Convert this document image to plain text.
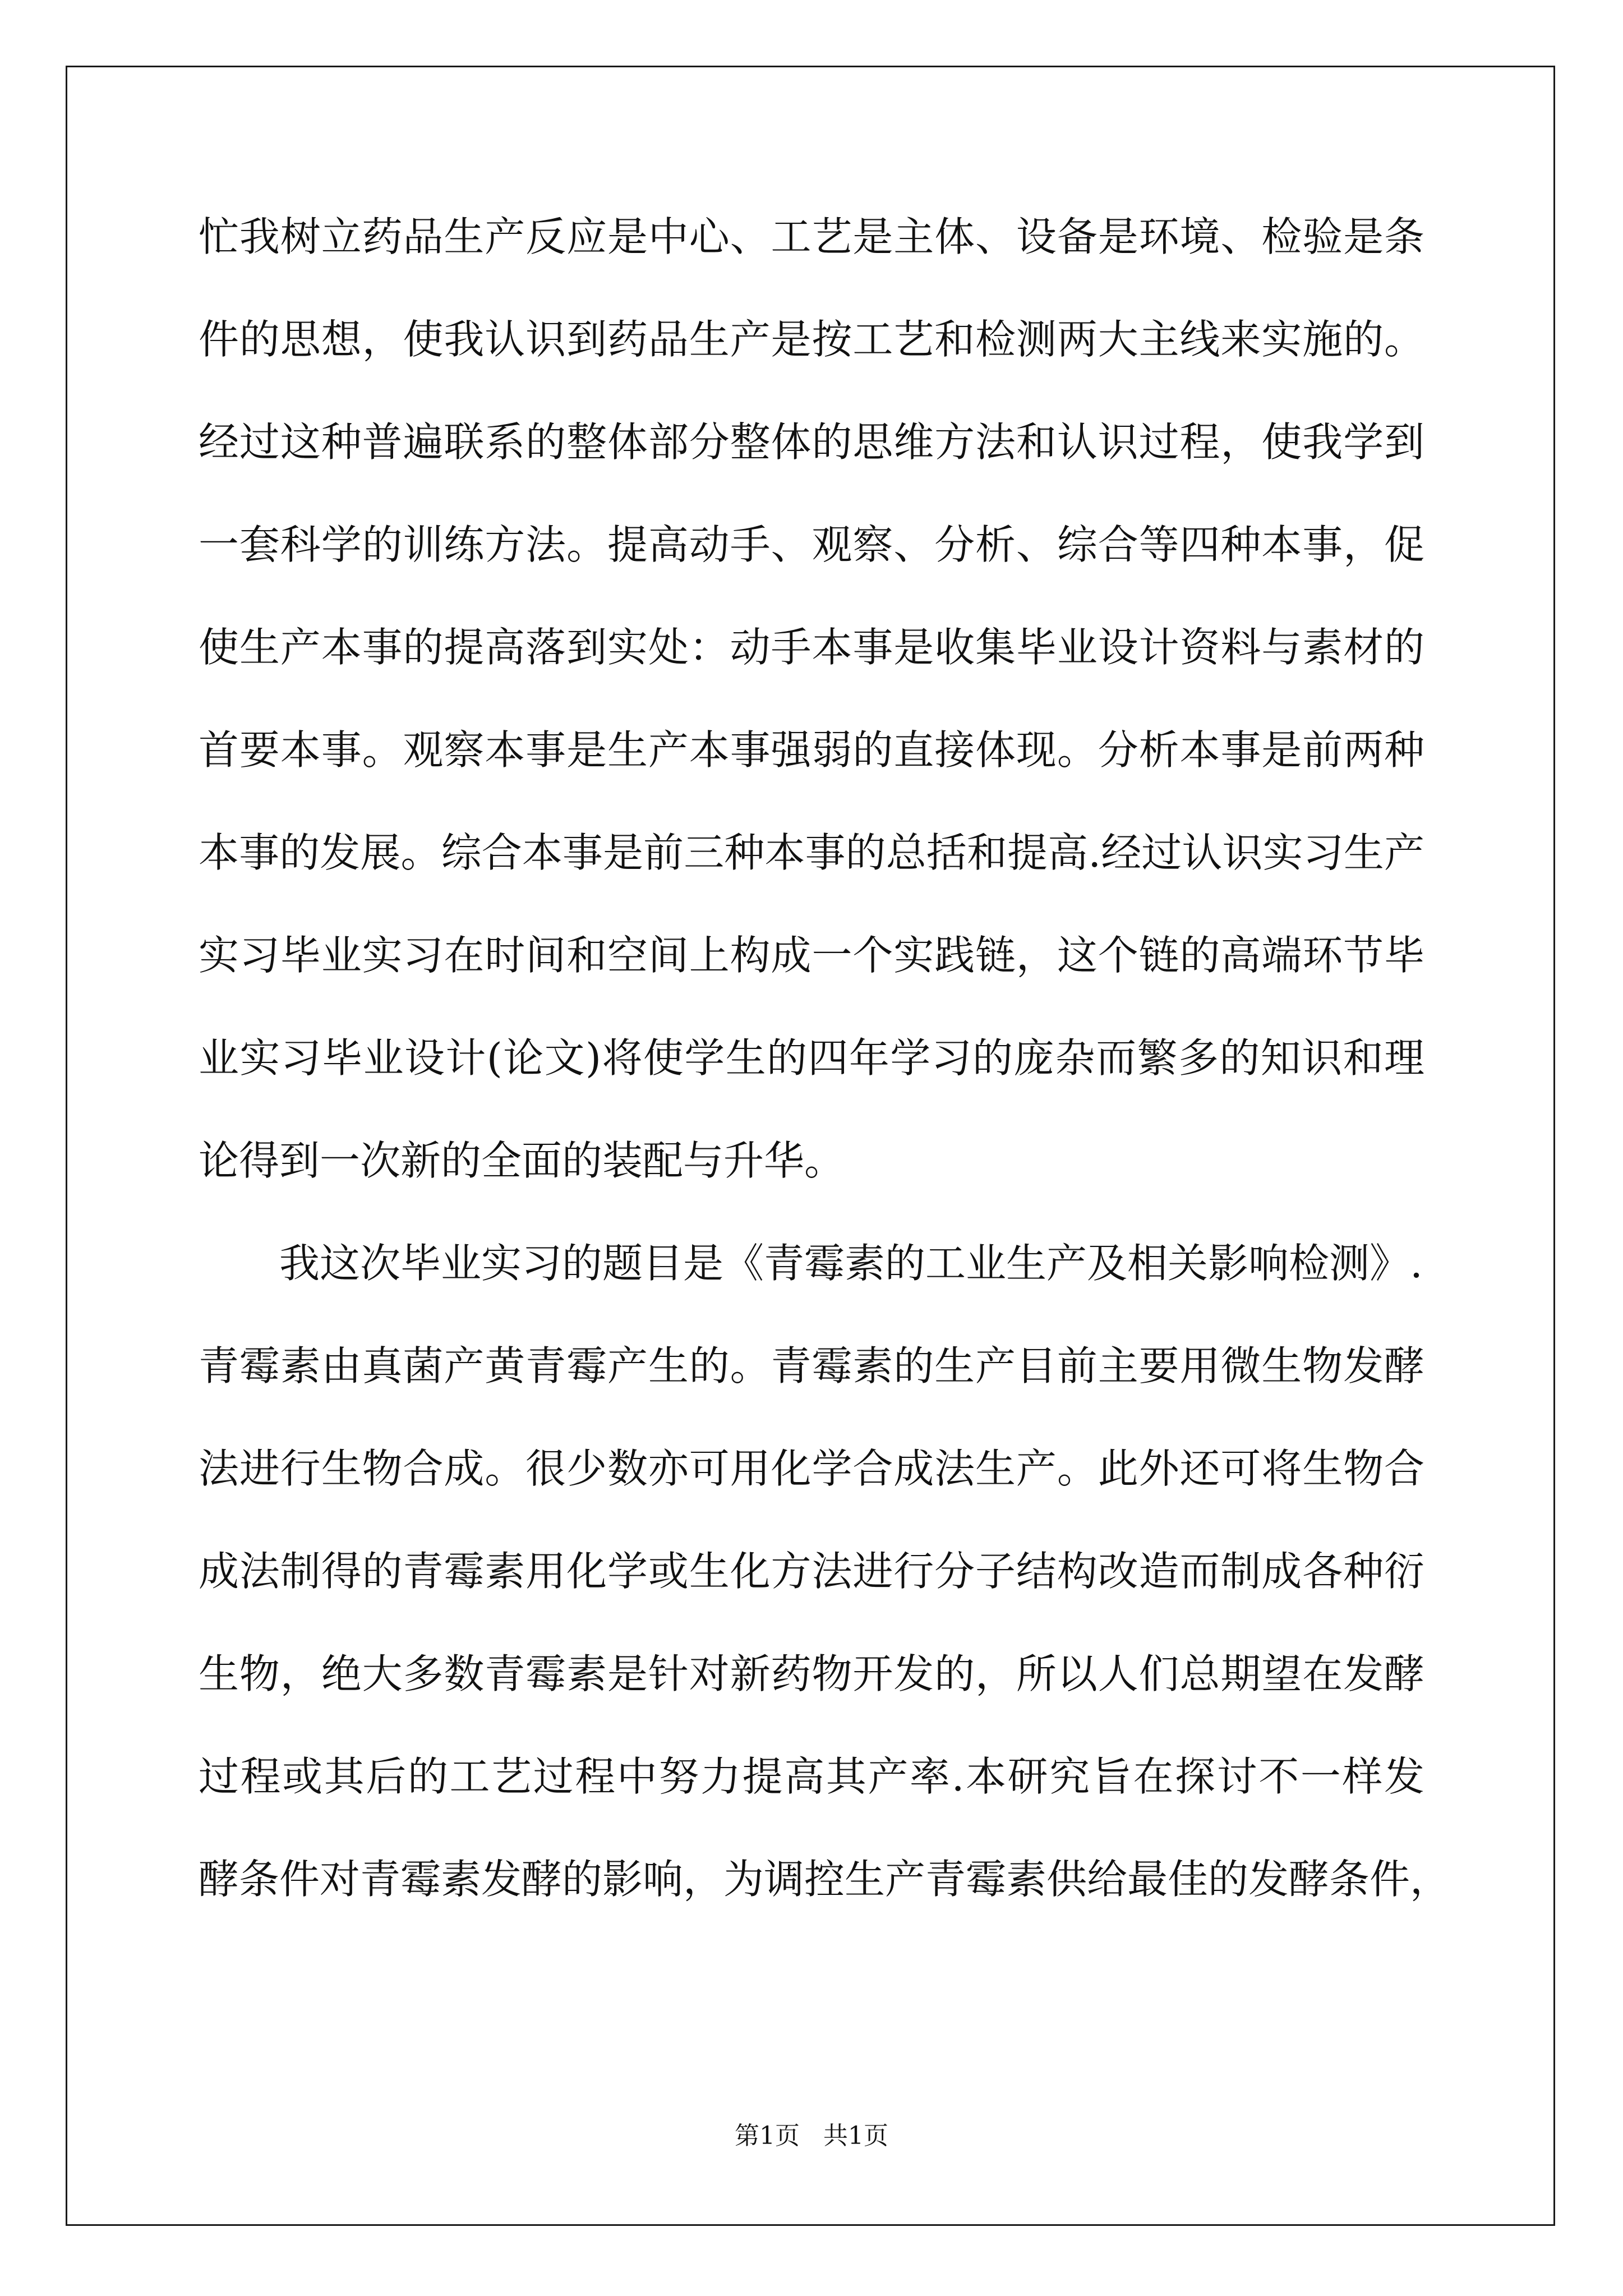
忙我树立药品生产反应是中心、工艺是主体、设备是环境、检验是条
件的思想，使我认识到药品生产是按工艺和检测两大主线来实施的。
经过这种普遍联系的整体部分整体的思维方法和认识过程，使我学到
一套科学的训练方法。提高动手、观察、分析、综合等四种本事，促
使生产本事的提高落到实处：动手本事是收集毕业设计资料与素材的
首要本事。观察本事是生产本事强弱的直接体现。分析本事是前两种
本事的发展。综合本事是前三种本事的总括和提高.经过认识实习生产
实习毕业实习在时间和空间上构成一个实践链，这个链的高端环节毕
业实习毕业设计(论文)将使学生的四年学习的庞杂而繁多的知识和理
论得到一次新的全面的装配与升华。
我这次毕业实习的题目是《青霉素的工业生产及相关影响检测》.
青霉素由真菌产黄青霉产生的。青霉素的生产目前主要用微生物发酵
法进行生物合成。很少数亦可用化学合成法生产。此外还可将生物合
成法制得的青霉素用化学或生化方法进行分子结构改造而制成各种衍
生物，绝大多数青霉素是针对新药物开发的，所以人们总期望在发酵
过程或其后的工艺过程中努力提高其产率.本研究旨在探讨不一样发
酵条件对青霉素发酵的影响，为调控生产青霉素供给最佳的发酵条件，
第1页   共1页
